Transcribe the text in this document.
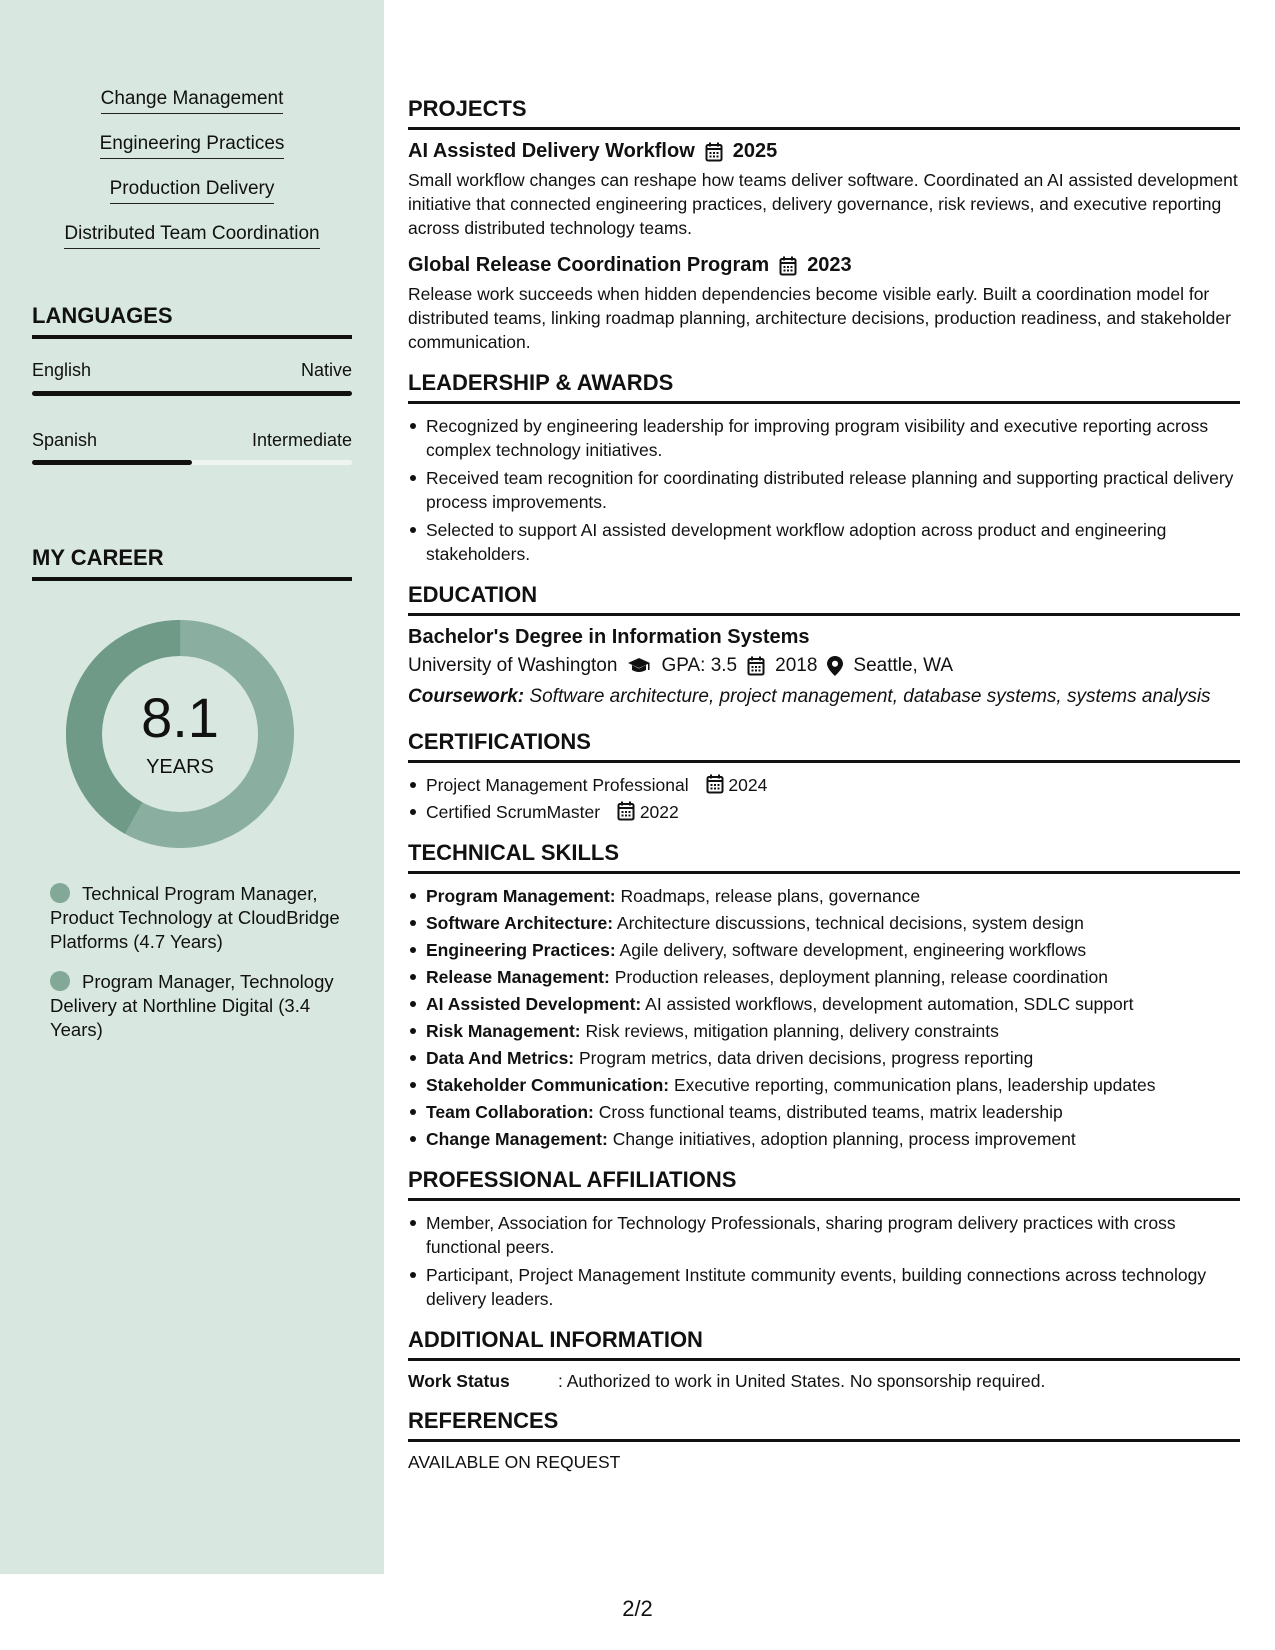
Change Management
Engineering Practices
Production Delivery
Distributed Team Coordination
LANGUAGES
English	Native
Spanish	Intermediate
MY CAREER
8.1
YEARS
Technical Program Manager, Product Technology at CloudBridge Platforms (4.7 Years)
Program Manager, Technology Delivery at Northline Digital (3.4 Years)
PROJECTS
AI Assisted Delivery Workflow 2025
Small workflow changes can reshape how teams deliver software. Coordinated an AI assisted development initiative that connected engineering practices, delivery governance, risk reviews, and executive reporting across distributed technology teams.
Global Release Coordination Program 2023
Release work succeeds when hidden dependencies become visible early. Built a coordination model for distributed teams, linking roadmap planning, architecture decisions, production readiness, and stakeholder communication.
LEADERSHIP & AWARDS
Recognized by engineering leadership for improving program visibility and executive reporting across complex technology initiatives.
Received team recognition for coordinating distributed release planning and supporting practical delivery process improvements.
Selected to support AI assisted development workflow adoption across product and engineering stakeholders.
EDUCATION
Bachelor's Degree in Information Systems
University of Washington GPA: 3.5 2018 Seattle, WA
Coursework: Software architecture, project management, database systems, systems analysis
CERTIFICATIONS
Project Management Professional 2024
Certified ScrumMaster 2022
TECHNICAL SKILLS
Program Management: Roadmaps, release plans, governance
Software Architecture: Architecture discussions, technical decisions, system design
Engineering Practices: Agile delivery, software development, engineering workflows
Release Management: Production releases, deployment planning, release coordination
AI Assisted Development: AI assisted workflows, development automation, SDLC support
Risk Management: Risk reviews, mitigation planning, delivery constraints
Data And Metrics: Program metrics, data driven decisions, progress reporting
Stakeholder Communication: Executive reporting, communication plans, leadership updates
Team Collaboration: Cross functional teams, distributed teams, matrix leadership
Change Management: Change initiatives, adoption planning, process improvement
PROFESSIONAL AFFILIATIONS
Member, Association for Technology Professionals, sharing program delivery practices with cross functional peers.
Participant, Project Management Institute community events, building connections across technology delivery leaders.
ADDITIONAL INFORMATION
Work Status	: Authorized to work in United States. No sponsorship required.
REFERENCES
AVAILABLE ON REQUEST
2/2
